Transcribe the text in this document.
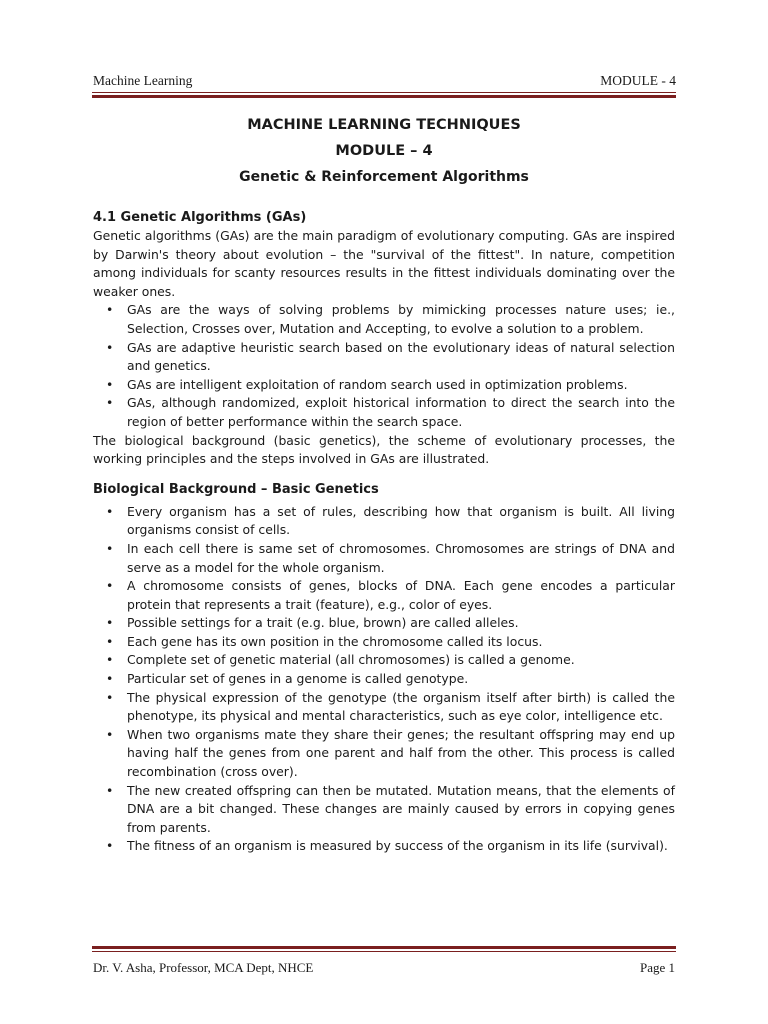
Machine Learning	MODULE - 4
MACHINE LEARNING TECHNIQUES
MODULE – 4
Genetic & Reinforcement Algorithms
4.1 Genetic Algorithms (GAs)

Genetic algorithms (GAs) are the main paradigm of evolutionary computing. GAs are inspired by Darwin's theory about evolution – the "survival of the fittest". In nature, competition among individuals for scanty resources results in the fittest individuals dominating over the weaker ones.

• GAs are the ways of solving problems by mimicking processes nature uses; ie., Selection, Crosses over, Mutation and Accepting, to evolve a solution to a problem.
• GAs are adaptive heuristic search based on the evolutionary ideas of natural selection and genetics.
• GAs are intelligent exploitation of random search used in optimization problems.
• GAs, although randomized, exploit historical information to direct the search into the region of better performance within the search space.

The biological background (basic genetics), the scheme of evolutionary processes, the working principles and the steps involved in GAs are illustrated.

Biological Background – Basic Genetics
• Every organism has a set of rules, describing how that organism is built. All living organisms consist of cells.
• In each cell there is same set of chromosomes. Chromosomes are strings of DNA and serve as a model for the whole organism.
• A chromosome consists of genes, blocks of DNA. Each gene encodes a particular protein that represents a trait (feature), e.g., color of eyes.
• Possible settings for a trait (e.g. blue, brown) are called alleles.
• Each gene has its own position in the chromosome called its locus.
• Complete set of genetic material (all chromosomes) is called a genome.
• Particular set of genes in a genome is called genotype.
• The physical expression of the genotype (the organism itself after birth) is called the phenotype, its physical and mental characteristics, such as eye color, intelligence etc.
• When two organisms mate they share their genes; the resultant offspring may end up having half the genes from one parent and half from the other. This process is called recombination (cross over).
• The new created offspring can then be mutated. Mutation means, that the elements of DNA are a bit changed. These changes are mainly caused by errors in copying genes from parents.
• The fitness of an organism is measured by success of the organism in its life (survival).
Dr. V. Asha, Professor, MCA Dept, NHCE	Page 1
